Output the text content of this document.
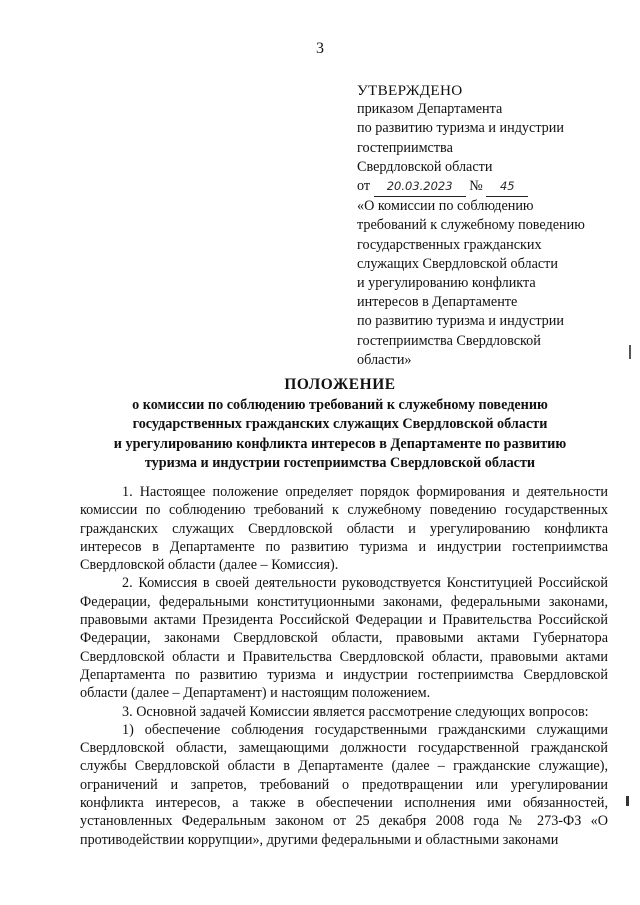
3
УТВЕРЖДЕНО
приказом Департамента
по развитию туризма и индустрии
гостеприимства
Свердловской области
от 20.03.2023 № 45
«О комиссии по соблюдению
требований к служебному поведению
государственных гражданских
служащих Свердловской области
и урегулированию конфликта
интересов в Департаменте
по развитию туризма и индустрии
гостеприимства Свердловской
области»
ПОЛОЖЕНИЕ
о комиссии по соблюдению требований к служебному поведению
государственных гражданских служащих Свердловской области
и урегулированию конфликта интересов в Департаменте по развитию
туризма и индустрии гостеприимства Свердловской области

1. Настоящее положение определяет порядок формирования и деятельности комиссии по соблюдению требований к служебному поведению государственных гражданских служащих Свердловской области и урегулированию конфликта интересов в Департаменте по развитию туризма и индустрии гостеприимства Свердловской области (далее – Комиссия).

2. Комиссия в своей деятельности руководствуется Конституцией Российской Федерации, федеральными конституционными законами, федеральными законами, правовыми актами Президента Российской Федерации и Правительства Российской Федерации, законами Свердловской области, правовыми актами Губернатора Свердловской области и Правительства Свердловской области, правовыми актами Департамента по развитию туризма и индустрии гостеприимства Свердловской области (далее – Департамент) и настоящим положением.

3. Основной задачей Комиссии является рассмотрение следующих вопросов:

1) обеспечение соблюдения государственными гражданскими служащими Свердловской области, замещающими должности государственной гражданской службы Свердловской области в Департаменте (далее – гражданские служащие), ограничений и запретов, требований о предотвращении или урегулировании конфликта интересов, а также в обеспечении исполнения ими обязанностей, установленных Федеральным законом от 25 декабря 2008 года № 273-ФЗ «О противодействии коррупции», другими федеральными и областными законами
